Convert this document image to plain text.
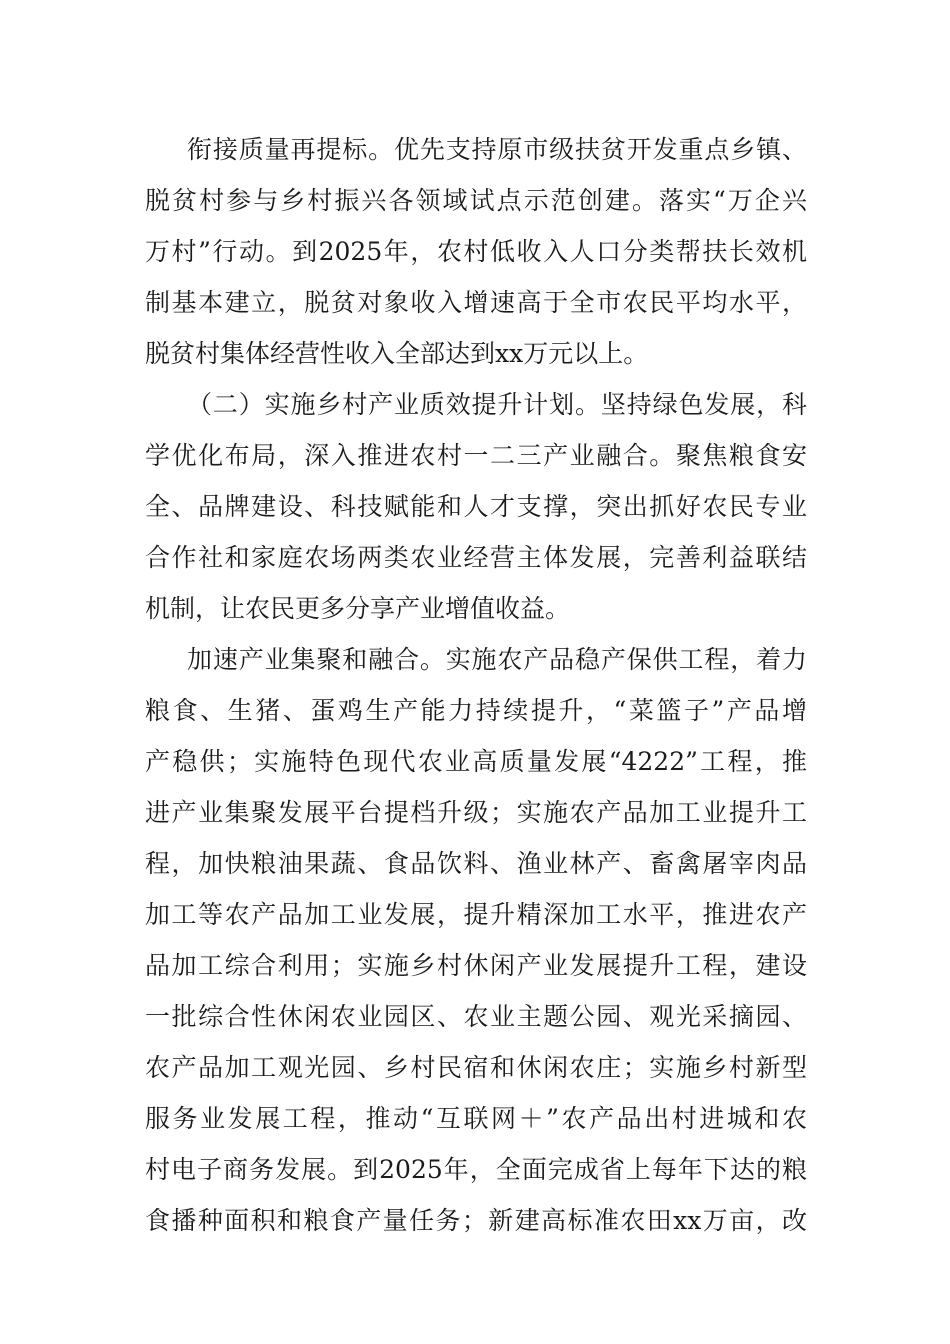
衔接质量再提标。优先支持原市级扶贫开发重点乡镇、
脱贫村参与乡村振兴各领域试点示范创建。落实“万企兴
万村”行动。到2025年，农村低收入人口分类帮扶长效机
制基本建立，脱贫对象收入增速高于全市农民平均水平，
脱贫村集体经营性收入全部达到xx万元以上。
（二）实施乡村产业质效提升计划。坚持绿色发展，科
学优化布局，深入推进农村一二三产业融合。聚焦粮食安
全、品牌建设、科技赋能和人才支撑，突出抓好农民专业
合作社和家庭农场两类农业经营主体发展，完善利益联结
机制，让农民更多分享产业增值收益。
加速产业集聚和融合。实施农产品稳产保供工程，着力
粮食、生猪、蛋鸡生产能力持续提升，“菜篮子”产品增
产稳供；实施特色现代农业高质量发展“4222”工程，推
进产业集聚发展平台提档升级；实施农产品加工业提升工
程，加快粮油果蔬、食品饮料、渔业林产、畜禽屠宰肉品
加工等农产品加工业发展，提升精深加工水平，推进农产
品加工综合利用；实施乡村休闲产业发展提升工程，建设
一批综合性休闲农业园区、农业主题公园、观光采摘园、
农产品加工观光园、乡村民宿和休闲农庄；实施乡村新型
服务业发展工程，推动“互联网＋”农产品出村进城和农
村电子商务发展。到2025年，全面完成省上每年下达的粮
食播种面积和粮食产量任务；新建高标准农田xx万亩，改
